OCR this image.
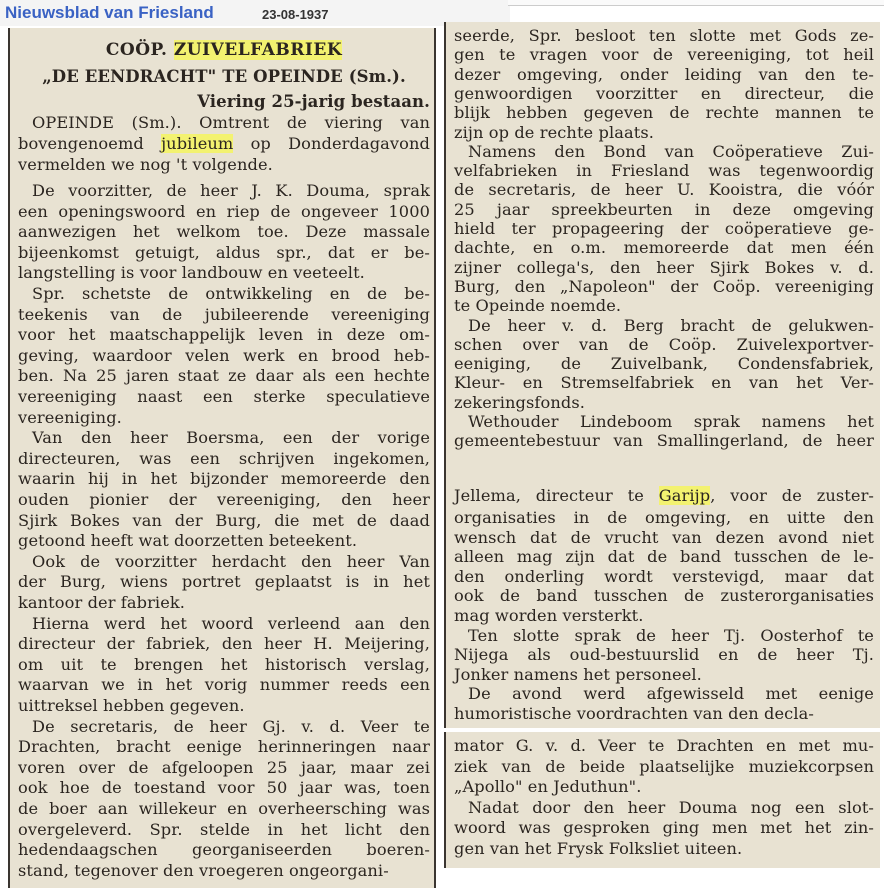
Nieuwsblad van Friesland	23-08-1937
COÖP. ZUIVELFABRIEK
„DE EENDRACHT" TE OPEINDE (Sm.).
Viering 25-jarig bestaan.
OPEINDE (Sm.). Omtrent de viering van
bovengenoemd jubileum op Donderdagavond
vermelden we nog 't volgende.
De voorzitter, de heer J. K. Douma, sprak
een openingswoord en riep de ongeveer 1000
aanwezigen het welkom toe. Deze massale
bijeenkomst getuigt, aldus spr., dat er be-
langstelling is voor landbouw en veeteelt.
Spr. schetste de ontwikkeling en de be-
teekenis van de jubileerende vereeniging
voor het maatschappelijk leven in deze om-
geving, waardoor velen werk en brood heb-
ben. Na 25 jaren staat ze daar als een hechte
vereeniging naast een sterke speculatieve
vereeniging.
Van den heer Boersma, een der vorige
directeuren, was een schrijven ingekomen,
waarin hij in het bijzonder memoreerde den
ouden pionier der vereeniging, den heer
Sjirk Bokes van der Burg, die met de daad
getoond heeft wat doorzetten beteekent.
Ook de voorzitter herdacht den heer Van
der Burg, wiens portret geplaatst is in het
kantoor der fabriek.
Hierna werd het woord verleend aan den
directeur der fabriek, den heer H. Meijering,
om uit te brengen het historisch verslag,
waarvan we in het vorig nummer reeds een
uittreksel hebben gegeven.
De secretaris, de heer Gj. v. d. Veer te
Drachten, bracht eenige herinneringen naar
voren over de afgeloopen 25 jaar, maar zei
ook hoe de toestand voor 50 jaar was, toen
de boer aan willekeur en overheersching was
overgeleverd. Spr. stelde in het licht den
hedendaagschen georganiseerden boeren-
stand, tegenover den vroegeren ongeorgani-
seerde, Spr. besloot ten slotte met Gods ze-
gen te vragen voor de vereeniging, tot heil
dezer omgeving, onder leiding van den te-
genwoordigen voorzitter en directeur, die
blijk hebben gegeven de rechte mannen te
zijn op de rechte plaats.
Namens den Bond van Coöperatieve Zui-
velfabrieken in Friesland was tegenwoordig
de secretaris, de heer U. Kooistra, die vóór
25 jaar spreekbeurten in deze omgeving
hield ter propageering der coöperatieve ge-
dachte, en o.m. memoreerde dat men één
zijner collega's, den heer Sjirk Bokes v. d.
Burg, den „Napoleon" der Coöp. vereeniging
te Opeinde noemde.
De heer v. d. Berg bracht de gelukwen-
schen over van de Coöp. Zuivelexportver-
eeniging, de Zuivelbank, Condensfabriek,
Kleur- en Stremselfabriek en van het Ver-
zekeringsfonds.
Wethouder Lindeboom sprak namens het
gemeentebestuur van Smallingerland, de heer
Jellema, directeur te Garijp, voor de zuster-
organisaties in de omgeving, en uitte den
wensch dat de vrucht van dezen avond niet
alleen mag zijn dat de band tusschen de le-
den onderling wordt verstevigd, maar dat
ook de band tusschen de zusterorganisaties
mag worden versterkt.
Ten slotte sprak de heer Tj. Oosterhof te
Nijega als oud-bestuurslid en de heer Tj.
Jonker namens het personeel.
De avond werd afgewisseld met eenige
humoristische voordrachten van den decla-
mator G. v. d. Veer te Drachten en met mu-
ziek van de beide plaatselijke muziekcorpsen
„Apollo" en Jeduthun".
Nadat door den heer Douma nog een slot-
woord was gesproken ging men met het zin-
gen van het Frysk Folksliet uiteen.
